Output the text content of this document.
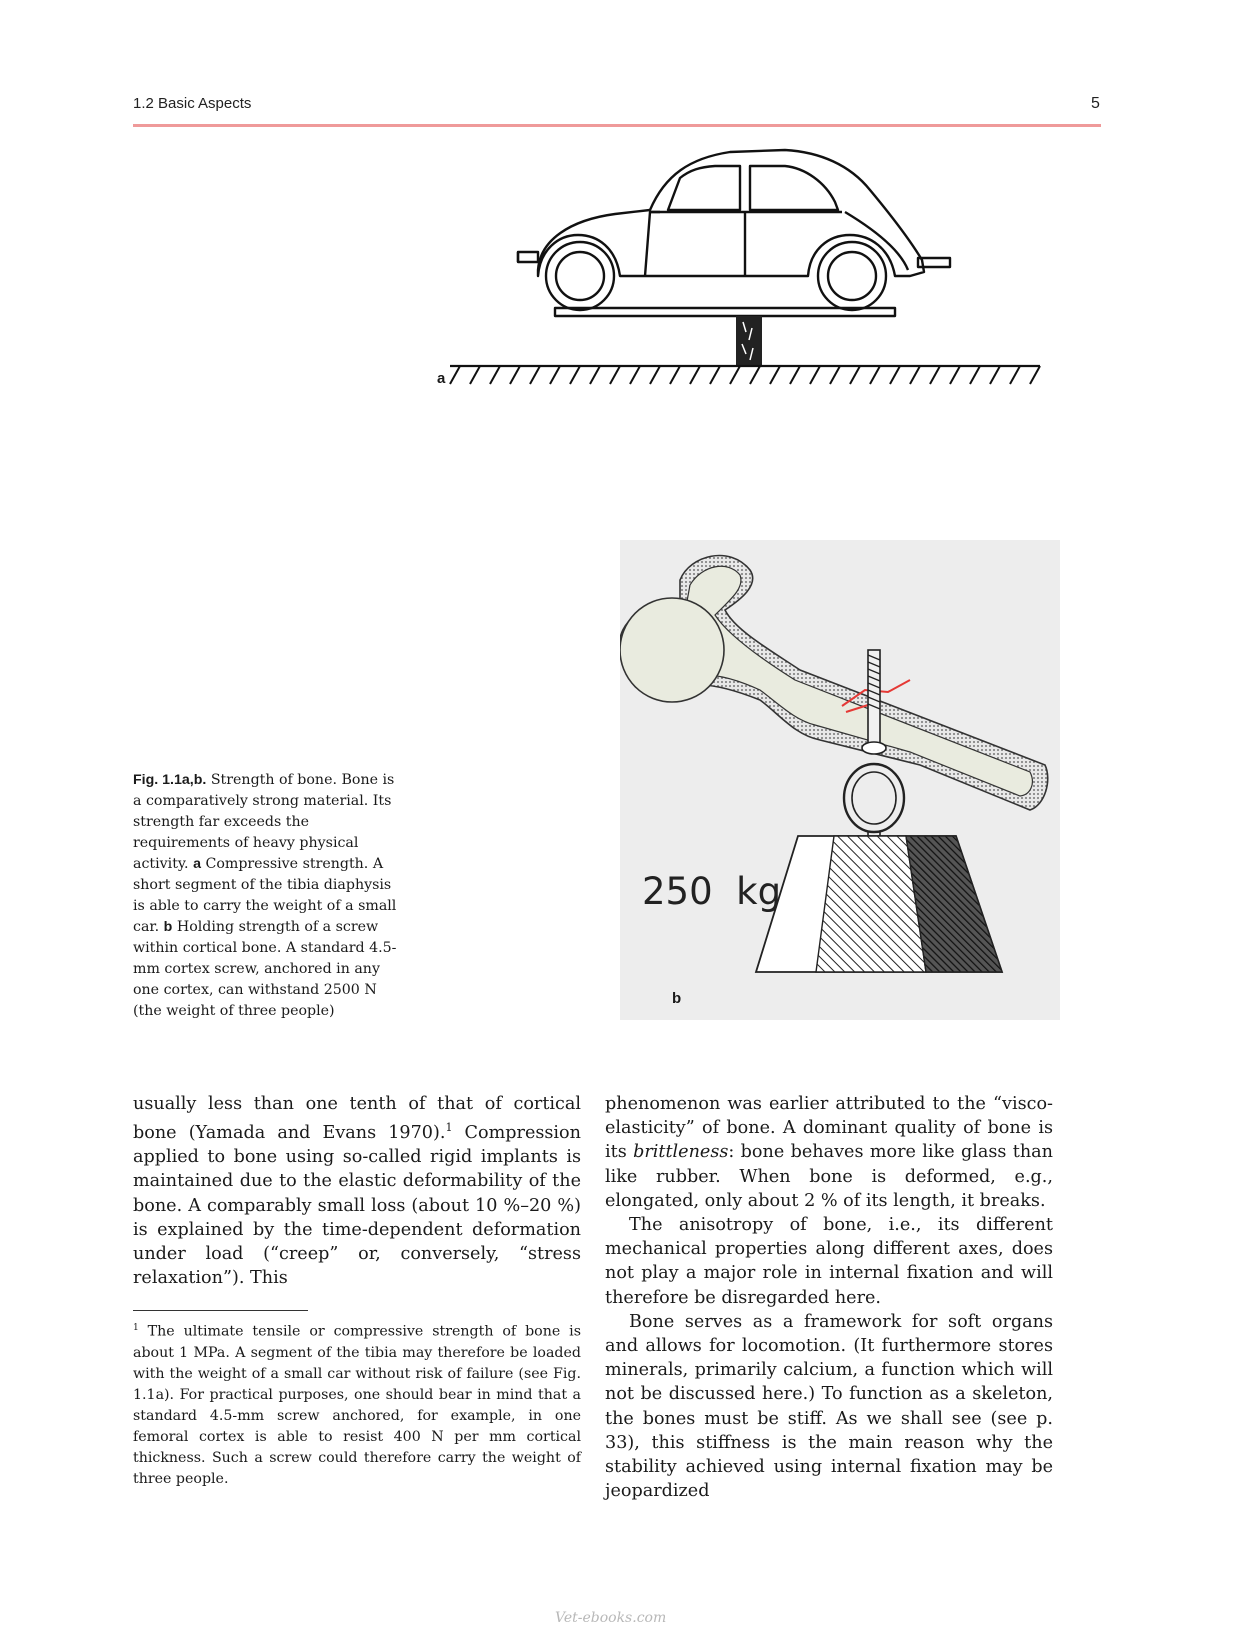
1.2 Basic Aspects	5
a
250  kg
b
Fig. 1.1a,b. Strength of bone. Bone is a comparatively strong material. Its strength far exceeds the requirements of heavy physical activity. a Compressive strength. A short segment of the tibia diaphysis is able to carry the weight of a small car. b Holding strength of a screw within cortical bone. A standard 4.5-mm cortex screw, anchored in any one cortex, can withstand 2500 N (the weight of three people)

usually less than one tenth of that of cortical bone (Yamada and Evans 1970).$^1$ Compression applied to bone using so-called rigid implants is maintained due to the elastic deformability of the bone. A comparably small loss (about 10 %–20 %) is explained by the time-dependent deformation under load (“creep” or, conversely, “stress relaxation”). This

$^1$ The ultimate tensile or compressive strength of bone is about 1 MPa. A segment of the tibia may therefore be loaded with the weight of a small car without risk of failure (see Fig. 1.1a). For practical purposes, one should bear in mind that a standard 4.5-mm screw anchored, for example, in one femoral cortex is able to resist 400 N per mm cortical thickness. Such a screw could therefore carry the weight of three people.

phenomenon was earlier attributed to the “visco-elasticity” of bone. A dominant quality of bone is its brittleness: bone behaves more like glass than like rubber. When bone is deformed, e.g., elongated, only about 2 % of its length, it breaks.

The anisotropy of bone, i.e., its different mechanical properties along different axes, does not play a major role in internal fixation and will therefore be disregarded here.

Bone serves as a framework for soft organs and allows for locomotion. (It furthermore stores minerals, primarily calcium, a function which will not be discussed here.) To function as a skeleton, the bones must be stiff. As we shall see (see p. 33), this stiffness is the main reason why the stability achieved using internal fixation may be jeopardized

Vet-ebooks.com
